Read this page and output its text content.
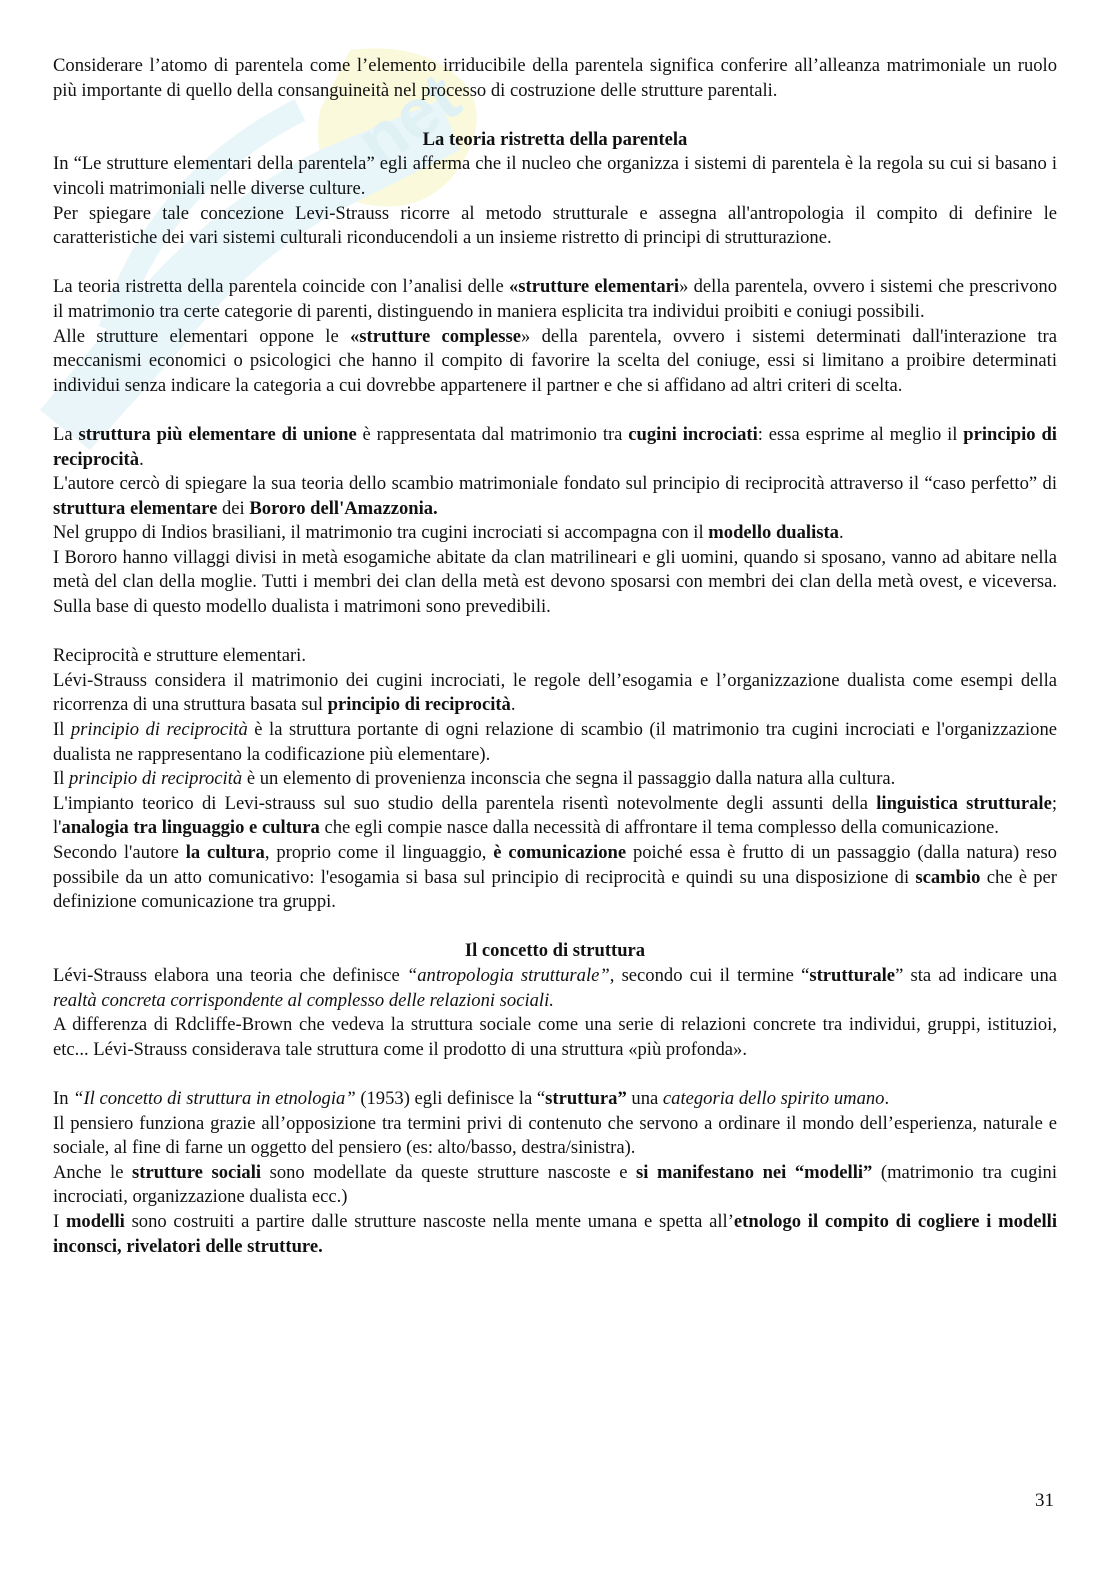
net

Considerare l’atomo di parentela come l’elemento irriducibile della parentela significa conferire all’alleanza matrimoniale un ruolo più importante di quello della consanguineità nel processo di costruzione delle strutture parentali.

La teoria ristretta della parentela

In “Le strutture elementari della parentela” egli afferma che il nucleo che organizza i sistemi di parentela è la regola su cui si basano i vincoli matrimoniali nelle diverse culture.

Per spiegare tale concezione Levi-Strauss ricorre al metodo strutturale e assegna all'antropologia il compito di definire le caratteristiche dei vari sistemi culturali riconducendoli a un insieme ristretto di principi di strutturazione.

La teoria ristretta della parentela coincide con l’analisi delle «strutture elementari» della parentela, ovvero i sistemi che prescrivono il matrimonio tra certe categorie di parenti, distinguendo in maniera esplicita tra individui proibiti e coniugi possibili.

Alle strutture elementari oppone le «strutture complesse» della parentela, ovvero i sistemi determinati dall'interazione tra meccanismi economici o psicologici che hanno il compito di favorire la scelta del coniuge, essi si limitano a proibire determinati individui senza indicare la categoria a cui dovrebbe appartenere il partner e che si affidano ad altri criteri di scelta.

La struttura più elementare di unione è rappresentata dal matrimonio tra cugini incrociati: essa esprime al meglio il principio di reciprocità.

L'autore cercò di spiegare la sua teoria dello scambio matrimoniale fondato sul principio di reciprocità attraverso il “caso perfetto” di struttura elementare dei Bororo dell'Amazzonia.

Nel gruppo di Indios brasiliani, il matrimonio tra cugini incrociati si accompagna con il modello dualista.

I Bororo hanno villaggi divisi in metà esogamiche abitate da clan matrilineari e gli uomini, quando si sposano, vanno ad abitare nella metà del clan della moglie. Tutti i membri dei clan della metà est devono sposarsi con membri dei clan della metà ovest, e viceversa. Sulla base di questo modello dualista i matrimoni sono prevedibili.

Reciprocità e strutture elementari.

Lévi-Strauss considera il matrimonio dei cugini incrociati, le regole dell’esogamia e l’organizzazione dualista come esempi della ricorrenza di una struttura basata sul principio di reciprocità.

Il principio di reciprocità è la struttura portante di ogni relazione di scambio (il matrimonio tra cugini incrociati e l'organizzazione dualista ne rappresentano la codificazione più elementare).

Il principio di reciprocità è un elemento di provenienza inconscia che segna il passaggio dalla natura alla cultura.

L'impianto teorico di Levi-strauss sul suo studio della parentela risentì notevolmente degli assunti della linguistica strutturale; l'analogia tra linguaggio e cultura che egli compie nasce dalla necessità di affrontare il tema complesso della comunicazione.

Secondo l'autore la cultura, proprio come il linguaggio, è comunicazione poiché essa è frutto di un passaggio (dalla natura) reso possibile da un atto comunicativo: l'esogamia si basa sul principio di reciprocità e quindi su una disposizione di scambio che è per definizione comunicazione tra gruppi.

Il concetto di struttura

Lévi-Strauss elabora una teoria che definisce “antropologia strutturale”, secondo cui il termine “strutturale” sta ad indicare una realtà concreta corrispondente al complesso delle relazioni sociali.

A differenza di Rdcliffe-Brown che vedeva la struttura sociale come una serie di relazioni concrete tra individui, gruppi, istituzioi, etc... Lévi-Strauss considerava tale struttura come il prodotto di una struttura «più profonda».

In “Il concetto di struttura in etnologia” (1953) egli definisce la “struttura” una categoria dello spirito umano.

Il pensiero funziona grazie all’opposizione tra termini privi di contenuto che servono a ordinare il mondo dell’esperienza, naturale e sociale, al fine di farne un oggetto del pensiero (es: alto/basso, destra/sinistra).

Anche le strutture sociali sono modellate da queste strutture nascoste e si manifestano nei “modelli” (matrimonio tra cugini incrociati, organizzazione dualista ecc.)

I modelli sono costruiti a partire dalle strutture nascoste nella mente umana e spetta all’etnologo il compito di cogliere i modelli inconsci, rivelatori delle strutture.

31
